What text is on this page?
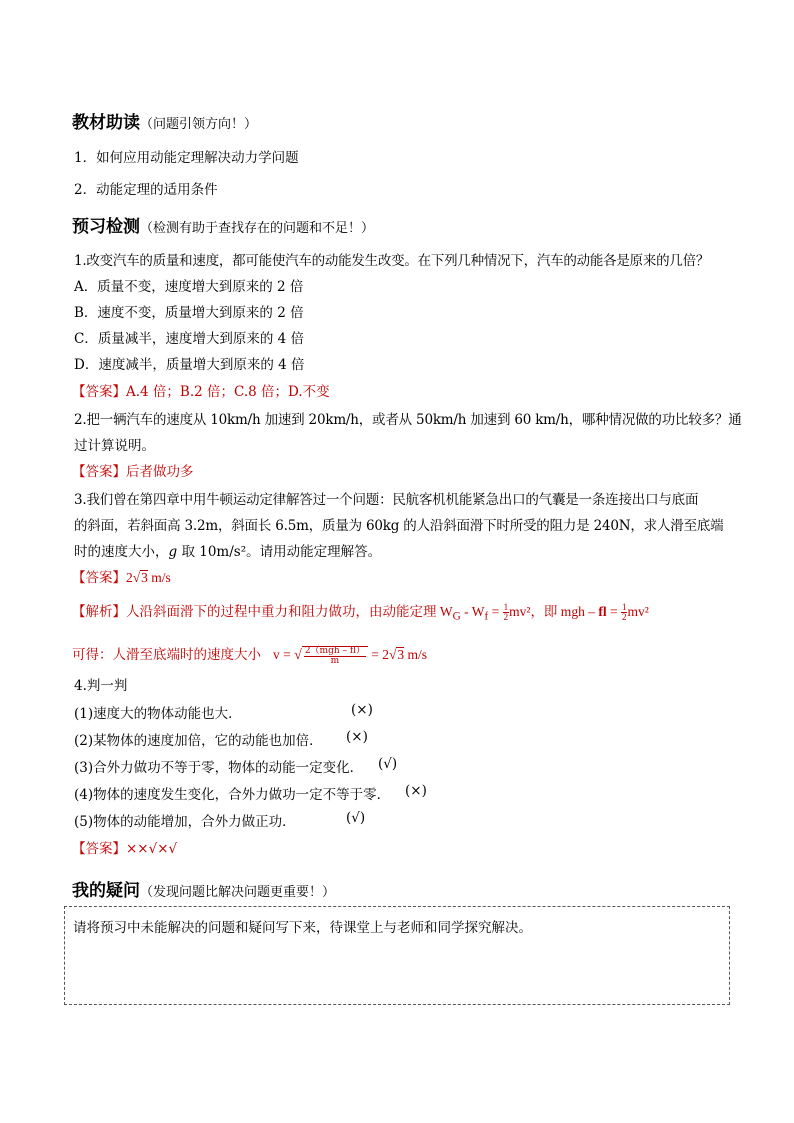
教材助读（问题引领方向！）
1．如何应用动能定理解决动力学问题
2．动能定理的适用条件
预习检测（检测有助于查找存在的问题和不足！）
1.改变汽车的质量和速度，都可能使汽车的动能发生改变。在下列几种情况下，汽车的动能各是原来的几倍？
A．质量不变，速度增大到原来的 2 倍
B．速度不变，质量增大到原来的 2 倍
C．质量减半，速度增大到原来的 4 倍
D．速度减半，质量增大到原来的 4 倍
【答案】A.4 倍；B.2 倍；C.8 倍；D.不变
2.把一辆汽车的速度从 10km/h 加速到 20km/h，或者从 50km/h 加速到 60 km/h，哪种情况做的功比较多？通
过计算说明。
【答案】后者做功多
3.我们曾在第四章中用牛顿运动定律解答过一个问题：民航客机机能紧急出口的气囊是一条连接出口与底面
的斜面，若斜面高 3.2m，斜面长 6.5m，质量为 60kg 的人沿斜面滑下时所受的阻力是 240N，求人滑至底端
时的速度大小，g 取 10m/s²。请用动能定理解答。
【答案】2√3 m/s
【解析】人沿斜面滑下的过程中重力和阻力做功，由动能定理 $W_G - W_f = \frac{1}{2} mv^2$，即 mgh – fl = $\frac{1}{2} mv^2$
可得：人滑至底端时的速度大小 v = √ $\frac{\text{2（mgh – fl）}}{m} = 2√3$ m/s
4.判一判
(1)速度大的物体动能也大．	(×)
(2)某物体的速度加倍，它的动能也加倍． (×)
(3)合外力做功不等于零，物体的动能一定变化． (√)
(4)物体的速度发生变化，合外力做功一定不等于零． (×)
(5)物体的动能增加，合外力做正功．	(√)
【答案】××√×√
我的疑问（发现问题比解决问题更重要！）
请将预习中未能解决的问题和疑问写下来，待课堂上与老师和同学探究解决。
